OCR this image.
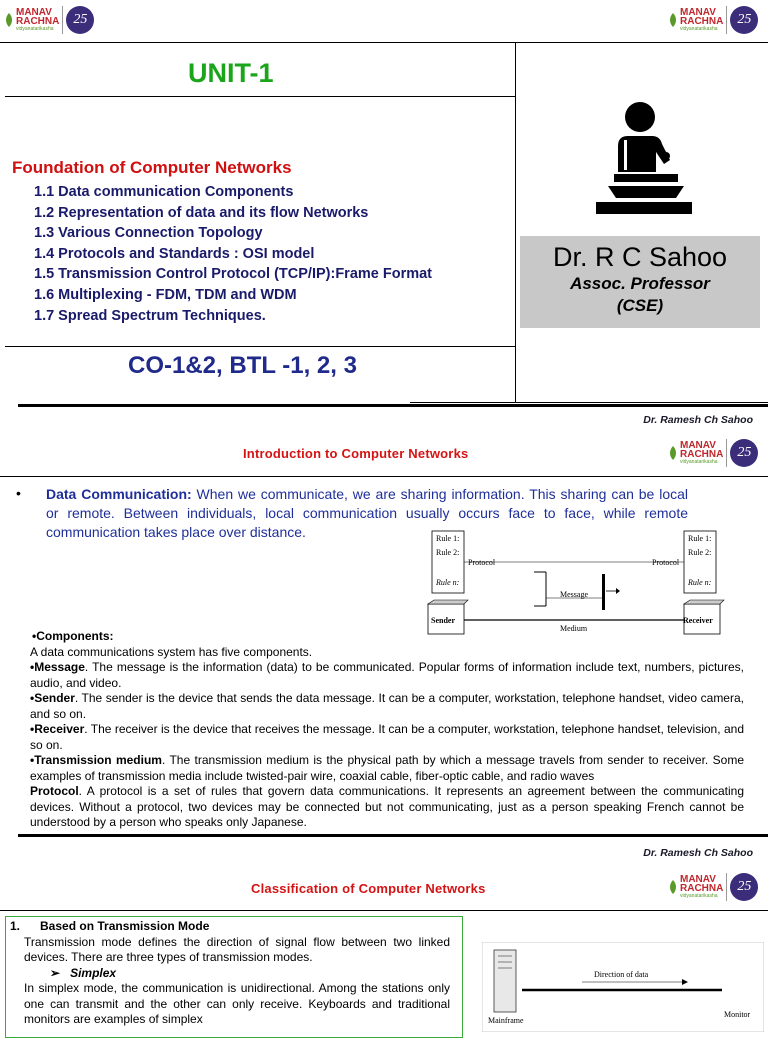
MANAV
RACHNA
vidyanatarikasha
25	MANAV
RACHNA
vidyanatarikasha
25
UNIT-1
Foundation of Computer Networks
1.1 Data communication Components
1.2 Representation of data and its flow Networks
1.3 Various Connection Topology
1.4 Protocols and Standards : OSI model
1.5 Transmission Control Protocol (TCP/IP):Frame Format
1.6 Multiplexing - FDM, TDM and WDM
1.7 Spread Spectrum Techniques.
CO-1&2, BTL -1, 2, 3
Dr. R C Sahoo
Assoc. Professor
(CSE)
Dr. Ramesh Ch Sahoo
Introduction to Computer Networks
MANAV
RACHNA
vidyanatarikasha
25
• Data Communication: When we communicate, we are sharing information. This sharing can be local or remote. Between individuals, local communication usually occurs face to face, while remote communication takes place over distance.	Rule 1:
Rule 2:
Rule n:
Rule 1:
Rule 2:
Rule n:
Protocol	Protocol
Message
Sender	Receiver
Medium

•Components:

A data communications system has five components.

•Message. The message is the information (data) to be communicated. Popular forms of information include text, numbers, pictures, audio, and video.

•Sender. The sender is the device that sends the data message. It can be a computer, workstation, telephone handset, video camera, and so on.

•Receiver. The receiver is the device that receives the message. It can be a computer, workstation, telephone handset, television, and so on.

•Transmission medium. The transmission medium is the physical path by which a message travels from sender to receiver. Some examples of transmission media include twisted-pair wire, coaxial cable, fiber-optic cable, and radio waves

Protocol. A protocol is a set of rules that govern data communications. It represents an agreement between the communicating devices. Without a protocol, two devices may be connected but not communicating, just as a person speaking French cannot be understood by a person who speaks only Japanese.

Dr. Ramesh Ch Sahoo
Classification of Computer Networks
MANAV
RACHNA
vidyanatarikasha
25

1. Based on Transmission Mode

Transmission mode defines the direction of signal flow between two linked devices. There are three types of transmission modes.

➢ Simplex

In simplex mode, the communication is unidirectional. Among the stations only one can transmit and the other can only receive. Keyboards and traditional monitors are examples of simplex

Direction of data
Mainframe
Monitor
